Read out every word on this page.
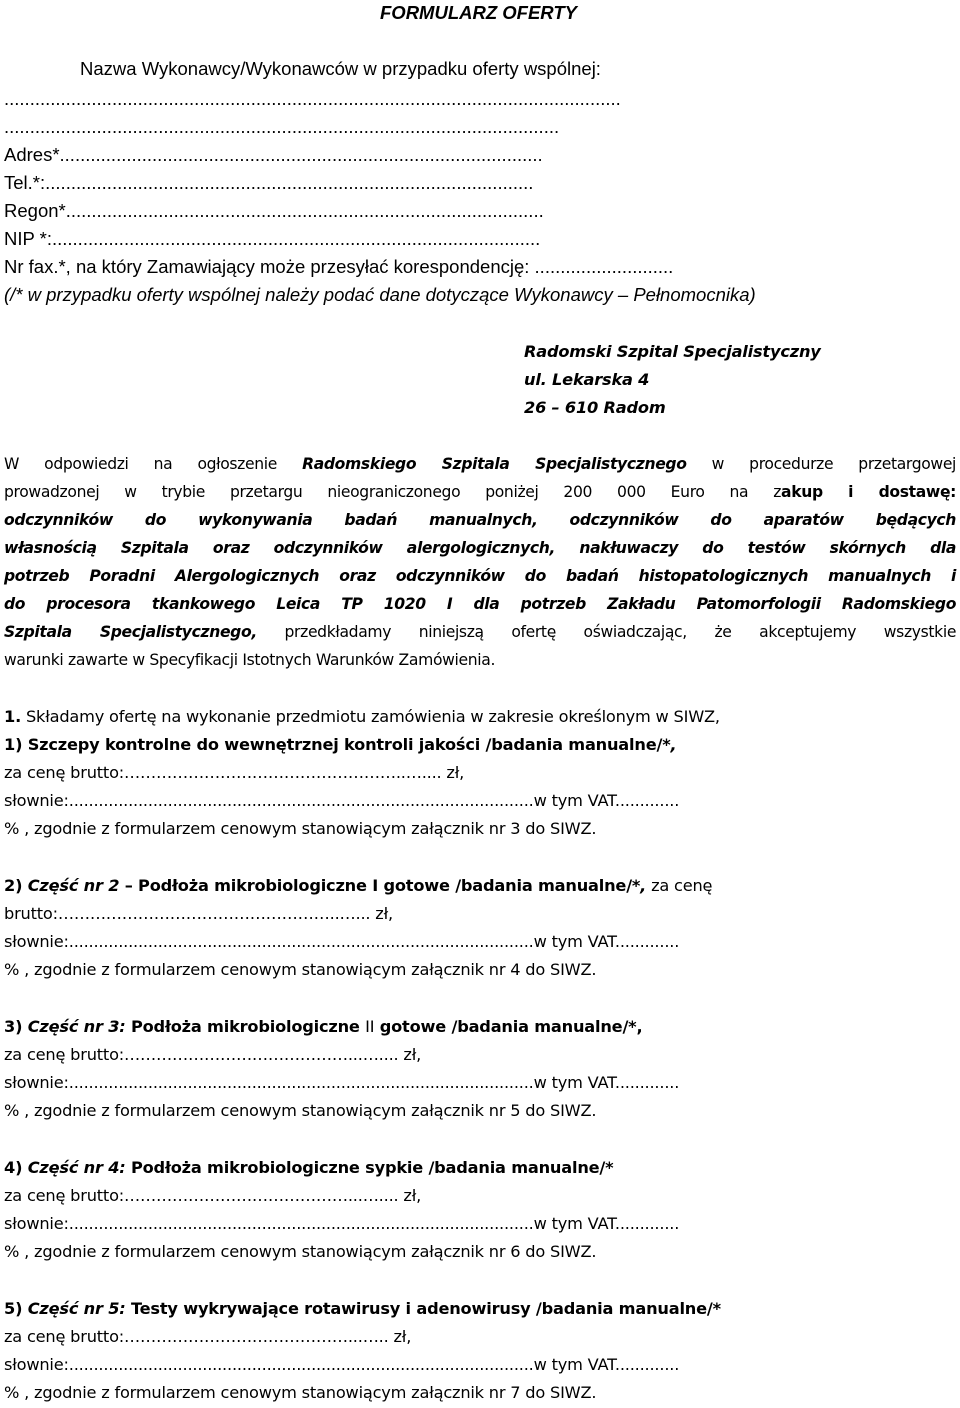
FORMULARZ OFERTY
Nazwa Wykonawcy/Wykonawców w przypadku oferty wspólnej:
........................................................................................................................
............................................................................................................
Adres*..............................................................................................
Tel.*:...............................................................................................
Regon*.............................................................................................
NIP *:...............................................................................................
Nr fax.*, na który Zamawiający może przesyłać korespondencję: ...........................
(/* w przypadku oferty wspólnej należy podać dane dotyczące Wykonawcy – Pełnomocnika)
Radomski Szpital Specjalistyczny
ul. Lekarska 4
26 – 610 Radom
W odpowiedzi na ogłoszenie Radomskiego Szpitala Specjalistycznego w procedurze przetargowej
prowadzonej w trybie przetargu nieograniczonego poniżej 200 000 Euro na zakup i dostawę:
odczynników do wykonywania badań manualnych, odczynników do aparatów będących
własnością Szpitala oraz odczynników alergologicznych, nakłuwaczy do testów skórnych dla
potrzeb Poradni Alergologicznych oraz odczynników do badań histopatologicznych manualnych i
do procesora tkankowego Leica TP 1020 I dla potrzeb Zakładu Patomorfologii Radomskiego
Szpitala Specjalistycznego, przedkładamy niniejszą ofertę oświadczając, że akceptujemy wszystkie
warunki zawarte w Specyfikacji Istotnych Warunków Zamówienia.
1. Składamy ofertę na wykonanie przedmiotu zamówienia w zakresie określonym w SIWZ,
1) Szczepy kontrolne do wewnętrznej kontroli jakości /badania manualne/*,
za cenę brutto:……………………………………………..….... zł,
słownie:..............................................................................................w tym VAT.............
% , zgodnie z formularzem cenowym stanowiącym załącznik nr 3 do SIWZ.
2) Część nr 2 – Podłoża mikrobiologiczne I gotowe /badania manualne/*, za cenę
brutto:……………………………………………..…... zł,
słownie:..............................................................................................w tym VAT.............
% , zgodnie z formularzem cenowym stanowiącym załącznik nr 4 do SIWZ.
3) Część nr 3: Podłoża mikrobiologiczne II gotowe /badania manualne/*,
za cenę brutto:……………………………………...….... zł,
słownie:..............................................................................................w tym VAT.............
% , zgodnie z formularzem cenowym stanowiącym załącznik nr 5 do SIWZ.
4) Część nr 4: Podłoża mikrobiologiczne sypkie /badania manualne/*
za cenę brutto:……………………………………...….... zł,
słownie:..............................................................................................w tym VAT.............
% , zgodnie z formularzem cenowym stanowiącym załącznik nr 6 do SIWZ.
5) Część nr 5: Testy wykrywające rotawirusy i adenowirusy /badania manualne/*
za cenę brutto:……………………………………...….. zł,
słownie:..............................................................................................w tym VAT.............
% , zgodnie z formularzem cenowym stanowiącym załącznik nr 7 do SIWZ.
